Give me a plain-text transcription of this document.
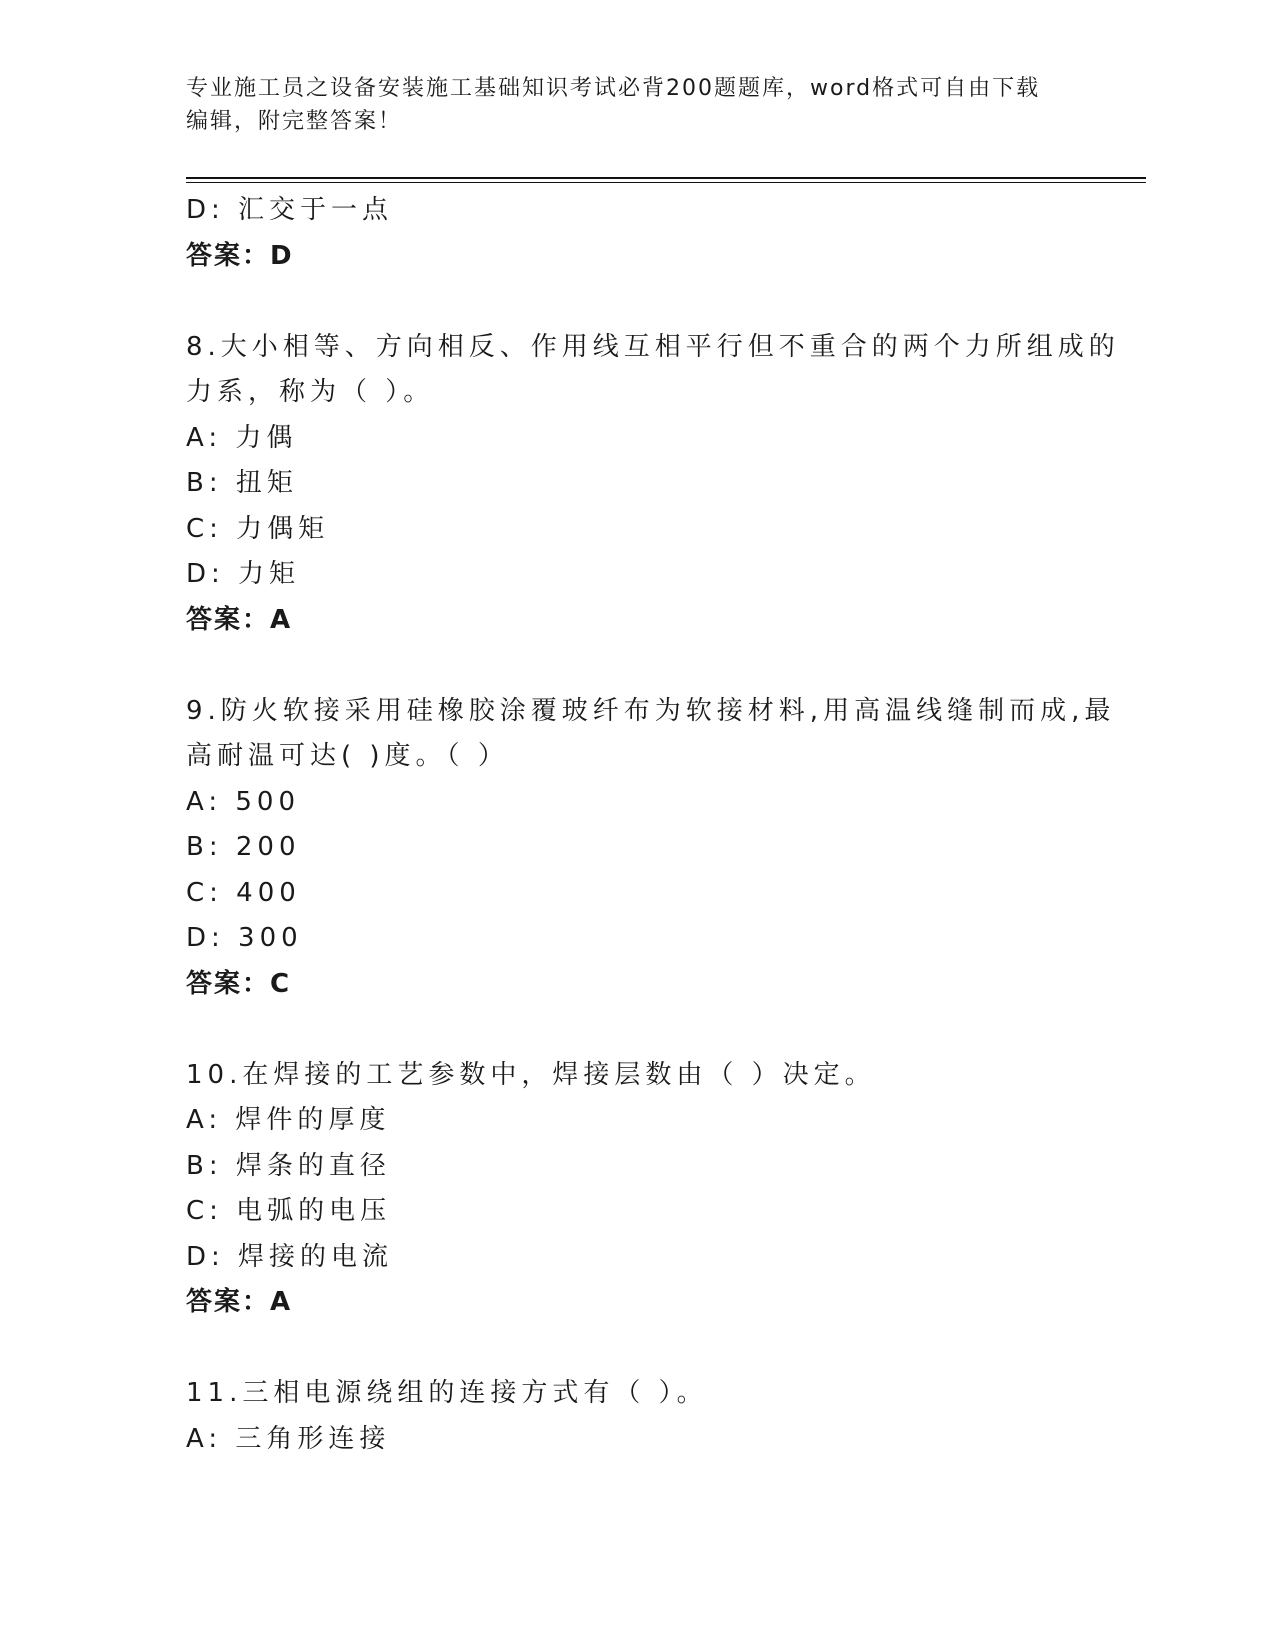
专业施工员之设备安装施工基础知识考试必背200题题库，word格式可自由下载
编辑，附完整答案！
D: 汇交于一点
答案：D
8.大小相等、方向相反、作用线互相平行但不重合的两个力所组成的
力系，称为（ ）。
A: 力偶
B: 扭矩
C: 力偶矩
D: 力矩
答案：A
9.防火软接采用硅橡胶涂覆玻纤布为软接材料,用高温线缝制而成,最
高耐温可达( )度。（ ）
A: 500
B: 200
C: 400
D: 300
答案：C
10.在焊接的工艺参数中，焊接层数由（ ）决定。
A: 焊件的厚度
B: 焊条的直径
C: 电弧的电压
D: 焊接的电流
答案：A
11.三相电源绕组的连接方式有（ ）。
A: 三角形连接
